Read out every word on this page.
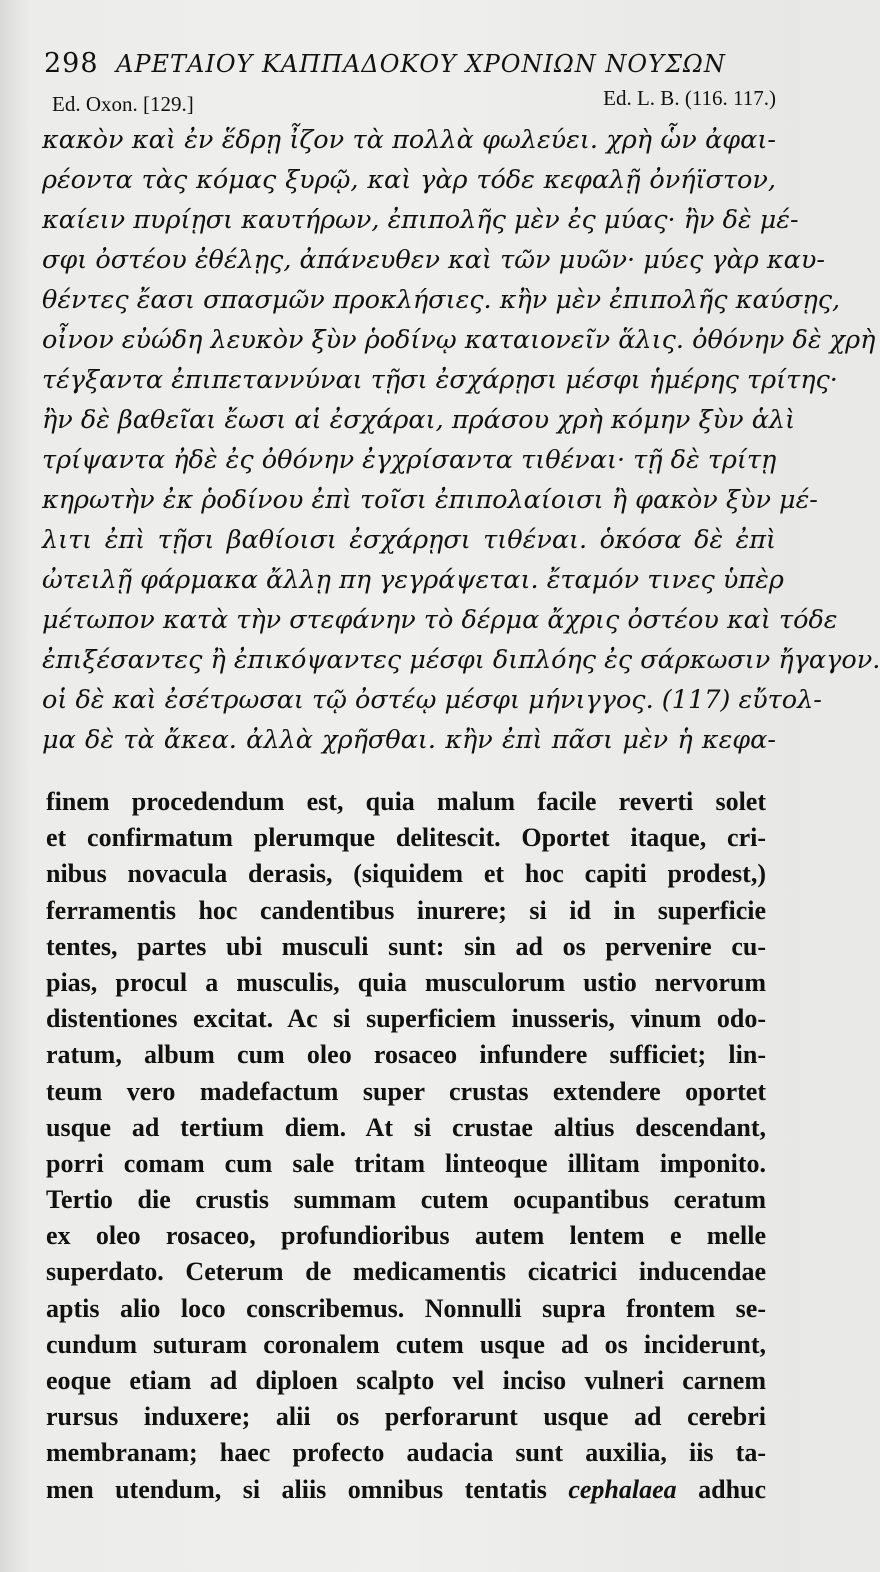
298 ΑΡΕΤΑΙΟΥ ΚΑΠΠΑΔΟΚΟΥ ΧΡΟΝΙΩΝ ΝΟΥΣΩΝ
Ed. Oxon. [129.]	Ed. L. B. (116. 117.)
κακὸν καὶ ἐν ἕδρῃ ἶζον τὰ πολλὰ φωλεύει. χρὴ ὧν ἀφαι-
ρέοντα τὰς κόμας ξυρῷ, καὶ γὰρ τόδε κεφαλῇ ὀνήϊστον,
καίειν πυρίῃσι καυτήρων, ἐπιπολῆς μὲν ἐς μύας· ἢν δὲ μέ-
σφι ὀστέου ἐθέλῃς, ἀπάνευθεν καὶ τῶν μυῶν· μύες γὰρ καυ-
θέντες ἔασι σπασμῶν προκλήσιες. κἢν μὲν ἐπιπολῆς καύσῃς,
οἶνον εὐώδη λευκὸν ξὺν ῥοδίνῳ καταιονεῖν ἅλις. ὀθόνην δὲ χρὴ
τέγξαντα ἐπιπεταννύναι τῇσι ἐσχάρῃσι μέσφι ἡμέρης τρίτης·
ἢν δὲ βαθεῖαι ἔωσι αἱ ἐσχάραι, πράσου χρὴ κόμην ξὺν ἁλὶ
τρίψαντα ἠδὲ ἐς ὀθόνην ἐγχρίσαντα τιθέναι· τῇ δὲ τρίτῃ
κηρωτὴν ἐκ ῥοδίνου ἐπὶ τοῖσι ἐπιπολαίοισι ἢ φακὸν ξὺν μέ-
λιτι ἐπὶ τῇσι βαθίοισι ἐσχάρῃσι τιθέναι. ὁκόσα δὲ ἐπὶ
ὠτειλῇ φάρμακα ἄλλῃ πη γεγράψεται. ἔταμόν τινες ὑπὲρ
μέτωπον κατὰ τὴν στεφάνην τὸ δέρμα ἄχρις ὀστέου καὶ τόδε
ἐπιξέσαντες ἢ ἐπικόψαντες μέσφι διπλόης ἐς σάρκωσιν ἤγαγον.
οἱ δὲ καὶ ἐσέτρωσαι τῷ ὀστέῳ μέσφι μήνιγγος. (117) εὔτολ-
μα δὲ τὰ ἄκεα. ἀλλὰ χρῆσθαι. κἢν ἐπὶ πᾶσι μὲν ἡ κεφα-
finem procedendum est, quia malum facile reverti solet
et confirmatum plerumque delitescit. Oportet itaque, cri-
nibus novacula derasis, (siquidem et hoc capiti prodest,)
ferramentis hoc candentibus inurere; si id in superficie
tentes, partes ubi musculi sunt: sin ad os pervenire cu-
pias, procul a musculis, quia musculorum ustio nervorum
distentiones excitat. Ac si superficiem inusseris, vinum odo-
ratum, album cum oleo rosaceo infundere sufficiet; lin-
teum vero madefactum super crustas extendere oportet
usque ad tertium diem. At si crustae altius descendant,
porri comam cum sale tritam linteoque illitam imponito.
Tertio die crustis summam cutem ocupantibus ceratum
ex oleo rosaceo, profundioribus autem lentem e melle
superdato. Ceterum de medicamentis cicatrici inducendae
aptis alio loco conscribemus. Nonnulli supra frontem se-
cundum suturam coronalem cutem usque ad os inciderunt,
eoque etiam ad diploen scalpto vel inciso vulneri carnem
rursus induxere; alii os perforarunt usque ad cerebri
membranam; haec profecto audacia sunt auxilia, iis ta-
men utendum, si aliis omnibus tentatis cephalaea adhuc
